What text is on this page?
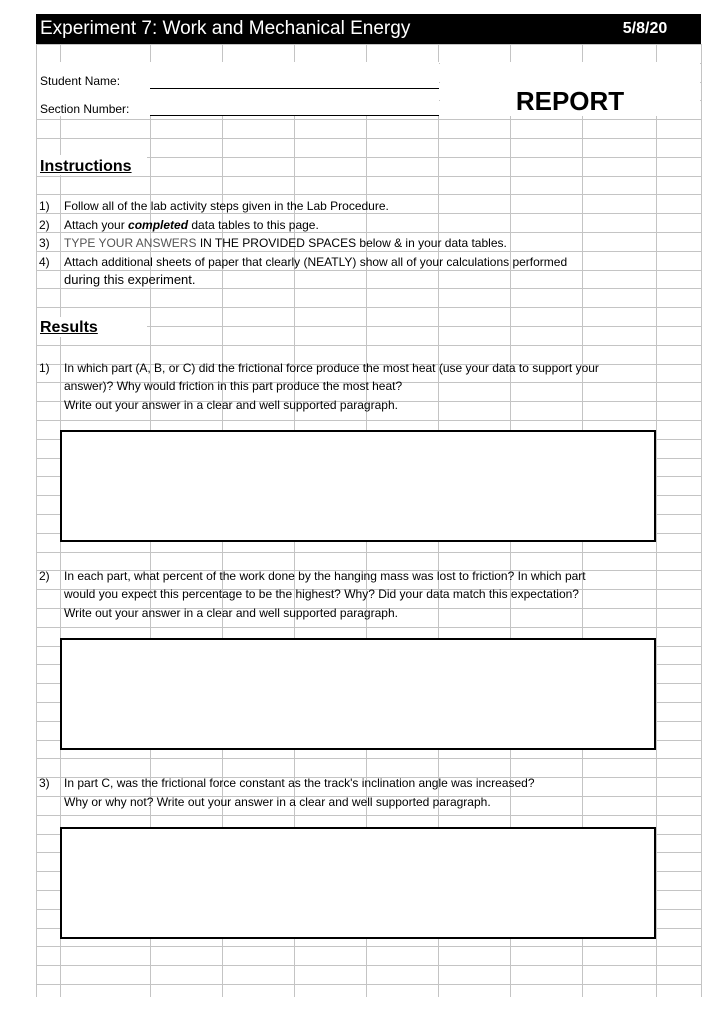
Experiment 7: Work and Mechanical Energy	5/8/20
Student Name:
Section Number:	REPORT
Instructions
1) Follow all of the lab activity steps given in the Lab Procedure.
2) Attach your completed data tables to this page.
3) TYPE YOUR ANSWERS IN THE PROVIDED SPACES below & in your data tables.
4) Attach additional sheets of paper that clearly (NEATLY) show all of your calculations performed
during this experiment.
Results
1) In which part (A, B, or C) did the frictional force produce the most heat (use your data to support your
answer)? Why would friction in this part produce the most heat?
Write out your answer in a clear and well supported paragraph.
2) In each part, what percent of the work done by the hanging mass was lost to friction? In which part
would you expect this percentage to be the highest? Why? Did your data match this expectation?
Write out your answer in a clear and well supported paragraph.
3) In part C, was the frictional force constant as the track's inclination angle was increased?
Why or why not? Write out your answer in a clear and well supported paragraph.
